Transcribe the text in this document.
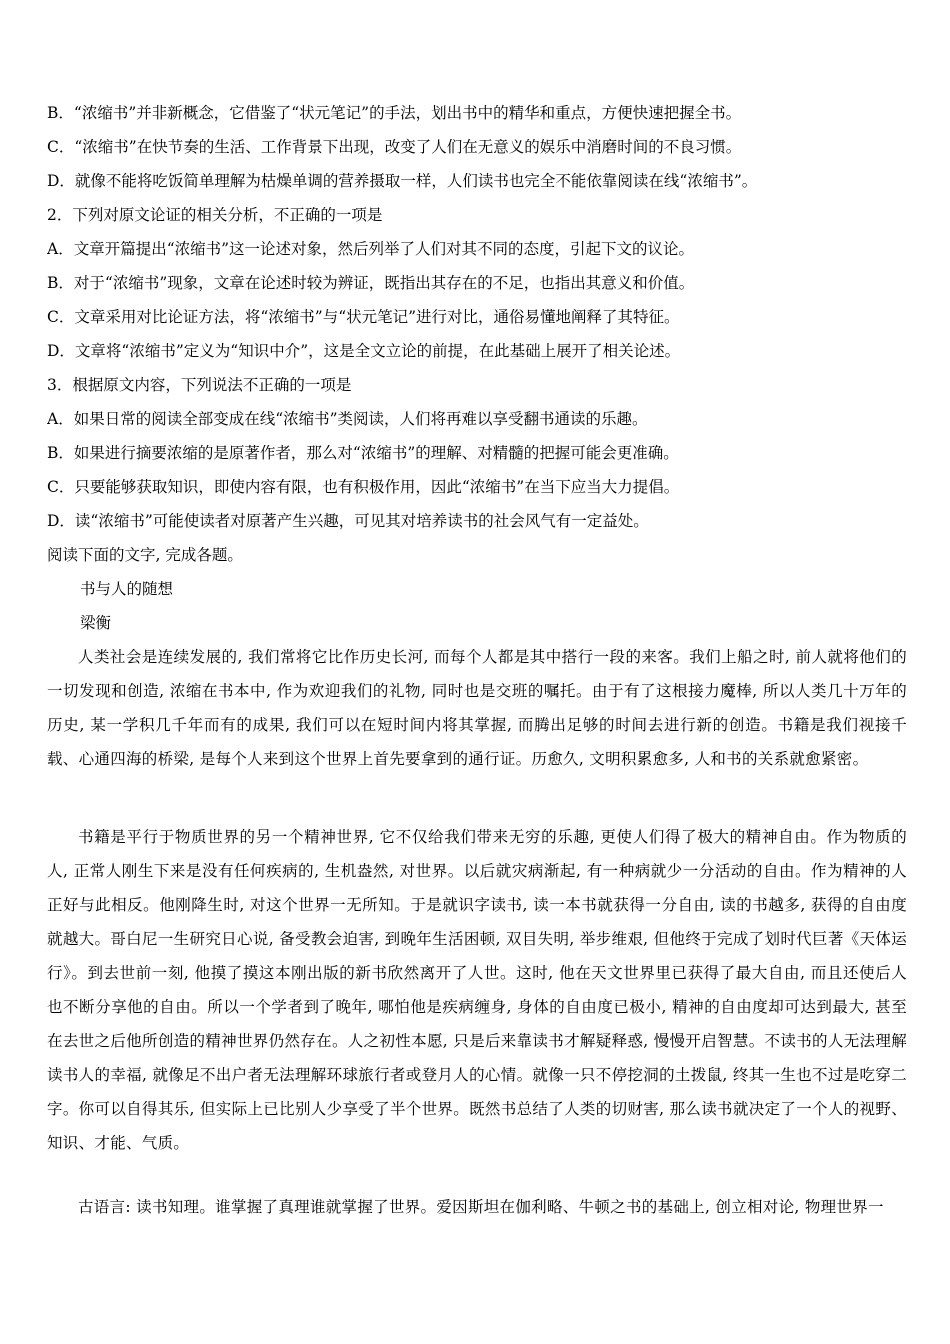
B．“浓缩书”并非新概念，它借鉴了“状元笔记”的手法，划出书中的精华和重点，方便快速把握全书。
C．“浓缩书”在快节奏的生活、工作背景下出现，改变了人们在无意义的娱乐中消磨时间的不良习惯。
D．就像不能将吃饭简单理解为枯燥单调的营养摄取一样，人们读书也完全不能依靠阅读在线“浓缩书”。
2．下列对原文论证的相关分析，不正确的一项是
A．文章开篇提出“浓缩书”这一论述对象，然后列举了人们对其不同的态度，引起下文的议论。
B．对于“浓缩书”现象，文章在论述时较为辨证，既指出其存在的不足，也指出其意义和价值。
C．文章采用对比论证方法，将“浓缩书”与“状元笔记”进行对比，通俗易懂地阐释了其特征。
D．文章将“浓缩书”定义为“知识中介”，这是全文立论的前提，在此基础上展开了相关论述。
3．根据原文内容，下列说法不正确的一项是
A．如果日常的阅读全部变成在线“浓缩书”类阅读，人们将再难以享受翻书通读的乐趣。
B．如果进行摘要浓缩的是原著作者，那么对“浓缩书”的理解、对精髓的把握可能会更准确。
C．只要能够获取知识，即使内容有限，也有积极作用，因此“浓缩书”在当下应当大力提倡。
D．读“浓缩书”可能使读者对原著产生兴趣，可见其对培养读书的社会风气有一定益处。
阅读下面的文字, 完成各题。
书与人的随想
梁衡

人类社会是连续发展的, 我们常将它比作历史长河, 而每个人都是其中搭行一段的来客。我们上船之时, 前人就将他们的一切发现和创造, 浓缩在书本中, 作为欢迎我们的礼物, 同时也是交班的嘱托。由于有了这根接力魔棒, 所以人类几十万年的历史, 某一学积几千年而有的成果, 我们可以在短时间内将其掌握, 而腾出足够的时间去进行新的创造。书籍是我们视接千载、心通四海的桥梁, 是每个人来到这个世界上首先要拿到的通行证。历愈久, 文明积累愈多, 人和书的关系就愈紧密。

书籍是平行于物质世界的另一个精神世界, 它不仅给我们带来无穷的乐趣, 更使人们得了极大的精神自由。作为物质的人, 正常人刚生下来是没有任何疾病的, 生机盎然, 对世界。以后就灾病渐起, 有一种病就少一分活动的自由。作为精神的人正好与此相反。他刚降生时, 对这个世界一无所知。于是就识字读书, 读一本书就获得一分自由, 读的书越多, 获得的自由度就越大。哥白尼一生研究日心说, 备受教会迫害, 到晚年生活困顿, 双目失明, 举步维艰, 但他终于完成了划时代巨著《天体运行》。到去世前一刻, 他摸了摸这本刚出版的新书欣然离开了人世。这时, 他在天文世界里已获得了最大自由, 而且还使后人也不断分享他的自由。所以一个学者到了晚年, 哪怕他是疾病缠身, 身体的自由度已极小, 精神的自由度却可达到最大, 甚至在去世之后他所创造的精神世界仍然存在。人之初性本愿, 只是后来靠读书才解疑释惑, 慢慢开启智慧。不读书的人无法理解读书人的幸福, 就像足不出户者无法理解环球旅行者或登月人的心情。就像一只不停挖洞的土拨鼠, 终其一生也不过是吃穿二字。你可以自得其乐, 但实际上已比别人少享受了半个世界。既然书总结了人类的切财害, 那么读书就决定了一个人的视野、知识、才能、气质。

古语言: 读书知理。谁掌握了真理谁就掌握了世界。爱因斯坦在伽利略、牛顿之书的基础上, 创立相对论, 物理世界一
